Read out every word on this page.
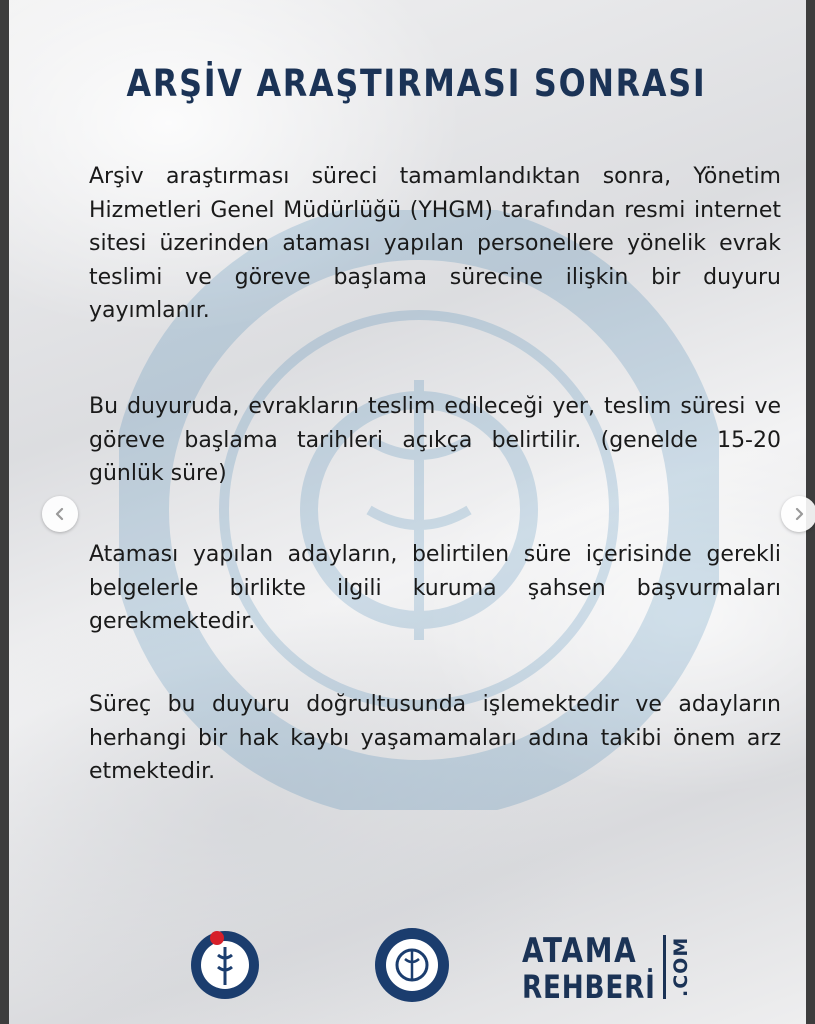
ARŞİV ARAŞTIRMASI SONRASI
Arşiv araştırması süreci tamamlandıktan sonra, Yönetim Hizmetleri Genel Müdürlüğü (YHGM) tarafından resmi internet sitesi üzerinden ataması yapılan personellere yönelik evrak teslimi ve göreve başlama sürecine ilişkin bir duyuru yayımlanır.
Bu duyuruda, evrakların teslim edileceği yer, teslim süresi ve göreve başlama tarihleri açıkça belirtilir. (genelde 15-20 günlük süre)
Ataması yapılan adayların, belirtilen süre içerisinde gerekli belgelerle birlikte ilgili kuruma şahsen başvurmaları gerekmektedir.
Süreç bu duyuru doğrultusunda işlemektedir ve adayların herhangi bir hak kaybı yaşamamaları adına takibi önem arz etmektedir.
ATAMA
REHBERİ .COM
